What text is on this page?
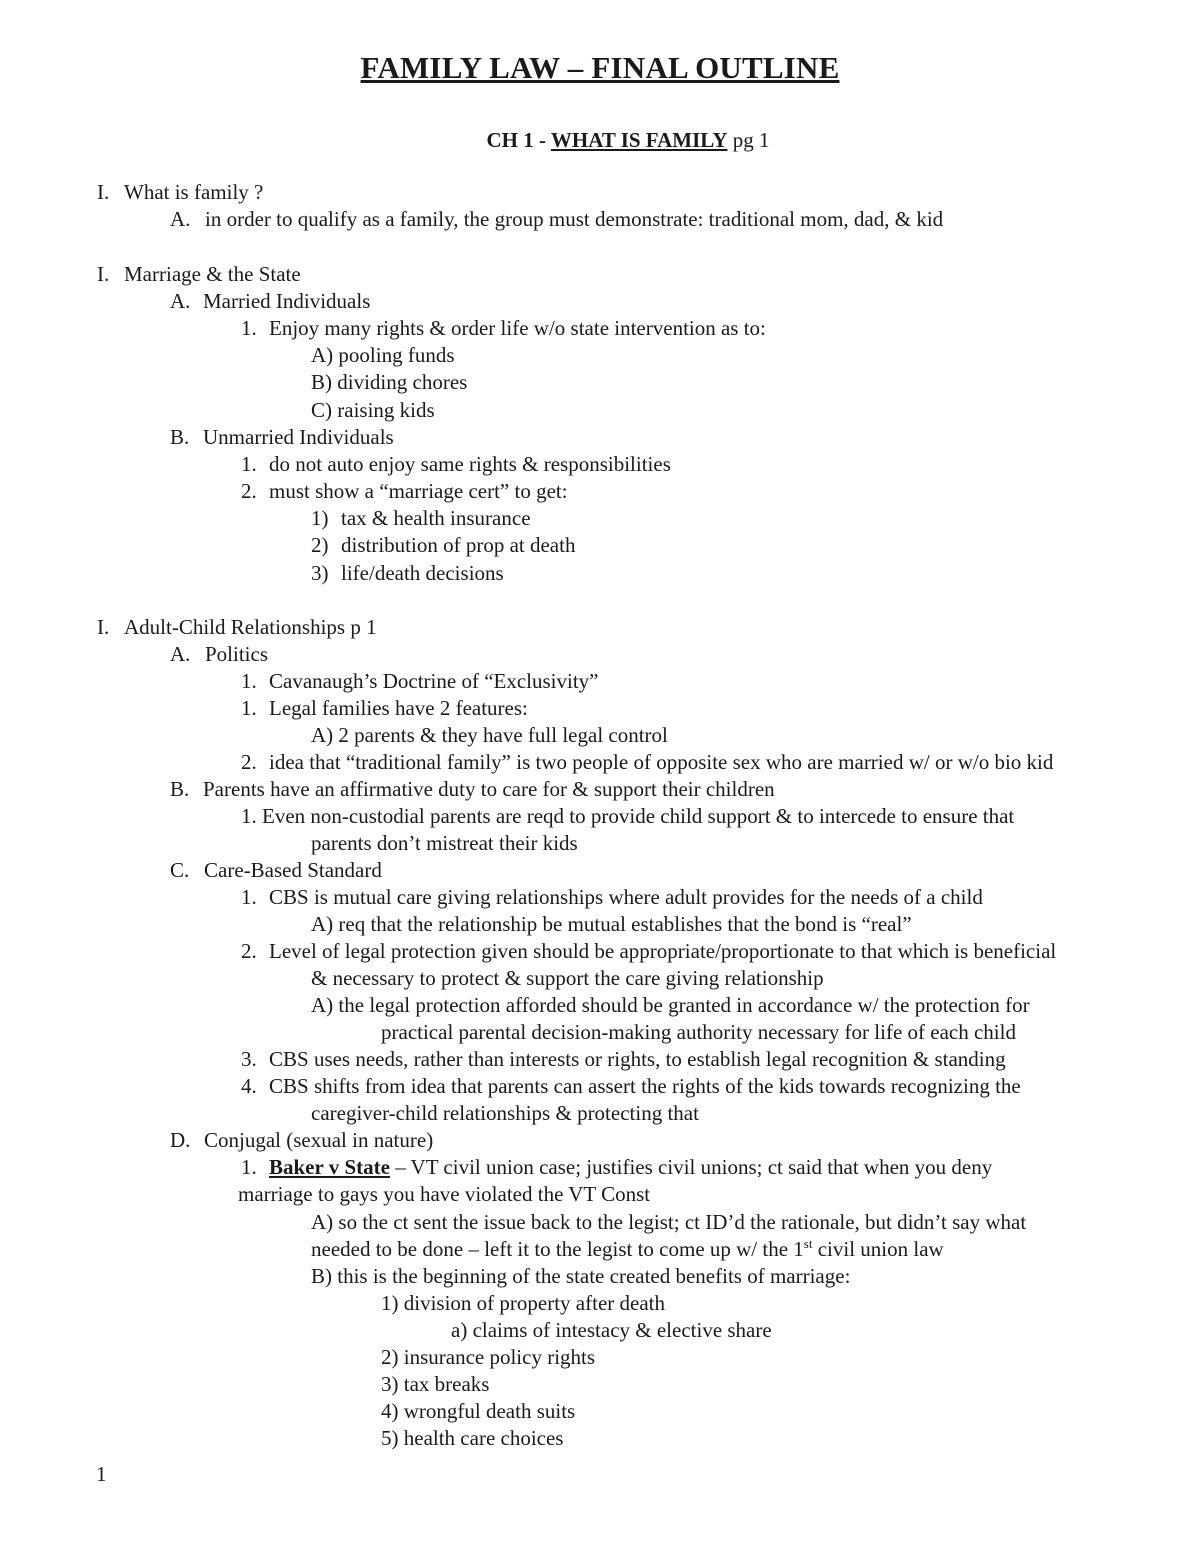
FAMILY LAW – FINAL OUTLINE
CH 1 - WHAT IS FAMILY pg 1
I. What is family ?
A. in order to qualify as a family, the group must demonstrate: traditional mom, dad, & kid
I. Marriage & the State
A. Married Individuals
1. Enjoy many rights & order life w/o state intervention as to:
A) pooling funds
B) dividing chores
C) raising kids
B. Unmarried Individuals
1. do not auto enjoy same rights & responsibilities
2. must show a “marriage cert” to get:
1) tax & health insurance
2) distribution of prop at death
3) life/death decisions
I. Adult-Child Relationships p 1
A. Politics
1. Cavanaugh’s Doctrine of “Exclusivity”
1. Legal families have 2 features:
A) 2 parents & they have full legal control
2. idea that “traditional family” is two people of opposite sex who are married w/ or w/o bio kid
B. Parents have an affirmative duty to care for & support their children
1. Even non-custodial parents are reqd to provide child support & to intercede to ensure that
parents don’t mistreat their kids
C. Care-Based Standard
1. CBS is mutual care giving relationships where adult provides for the needs of a child
A) req that the relationship be mutual establishes that the bond is “real”
2. Level of legal protection given should be appropriate/proportionate to that which is beneficial
& necessary to protect & support the care giving relationship
A) the legal protection afforded should be granted in accordance w/ the protection for
practical parental decision-making authority necessary for life of each child
3. CBS uses needs, rather than interests or rights, to establish legal recognition & standing
4. CBS shifts from idea that parents can assert the rights of the kids towards recognizing the
caregiver-child relationships & protecting that
D. Conjugal (sexual in nature)
1. Baker v State – VT civil union case; justifies civil unions; ct said that when you deny
marriage to gays you have violated the VT Const
A) so the ct sent the issue back to the legist; ct ID’d the rationale, but didn’t say what
needed to be done – left it to the legist to come up w/ the 1st civil union law
B) this is the beginning of the state created benefits of marriage:
1) division of property after death
a) claims of intestacy & elective share
2) insurance policy rights
3) tax breaks
4) wrongful death suits
5) health care choices
1
